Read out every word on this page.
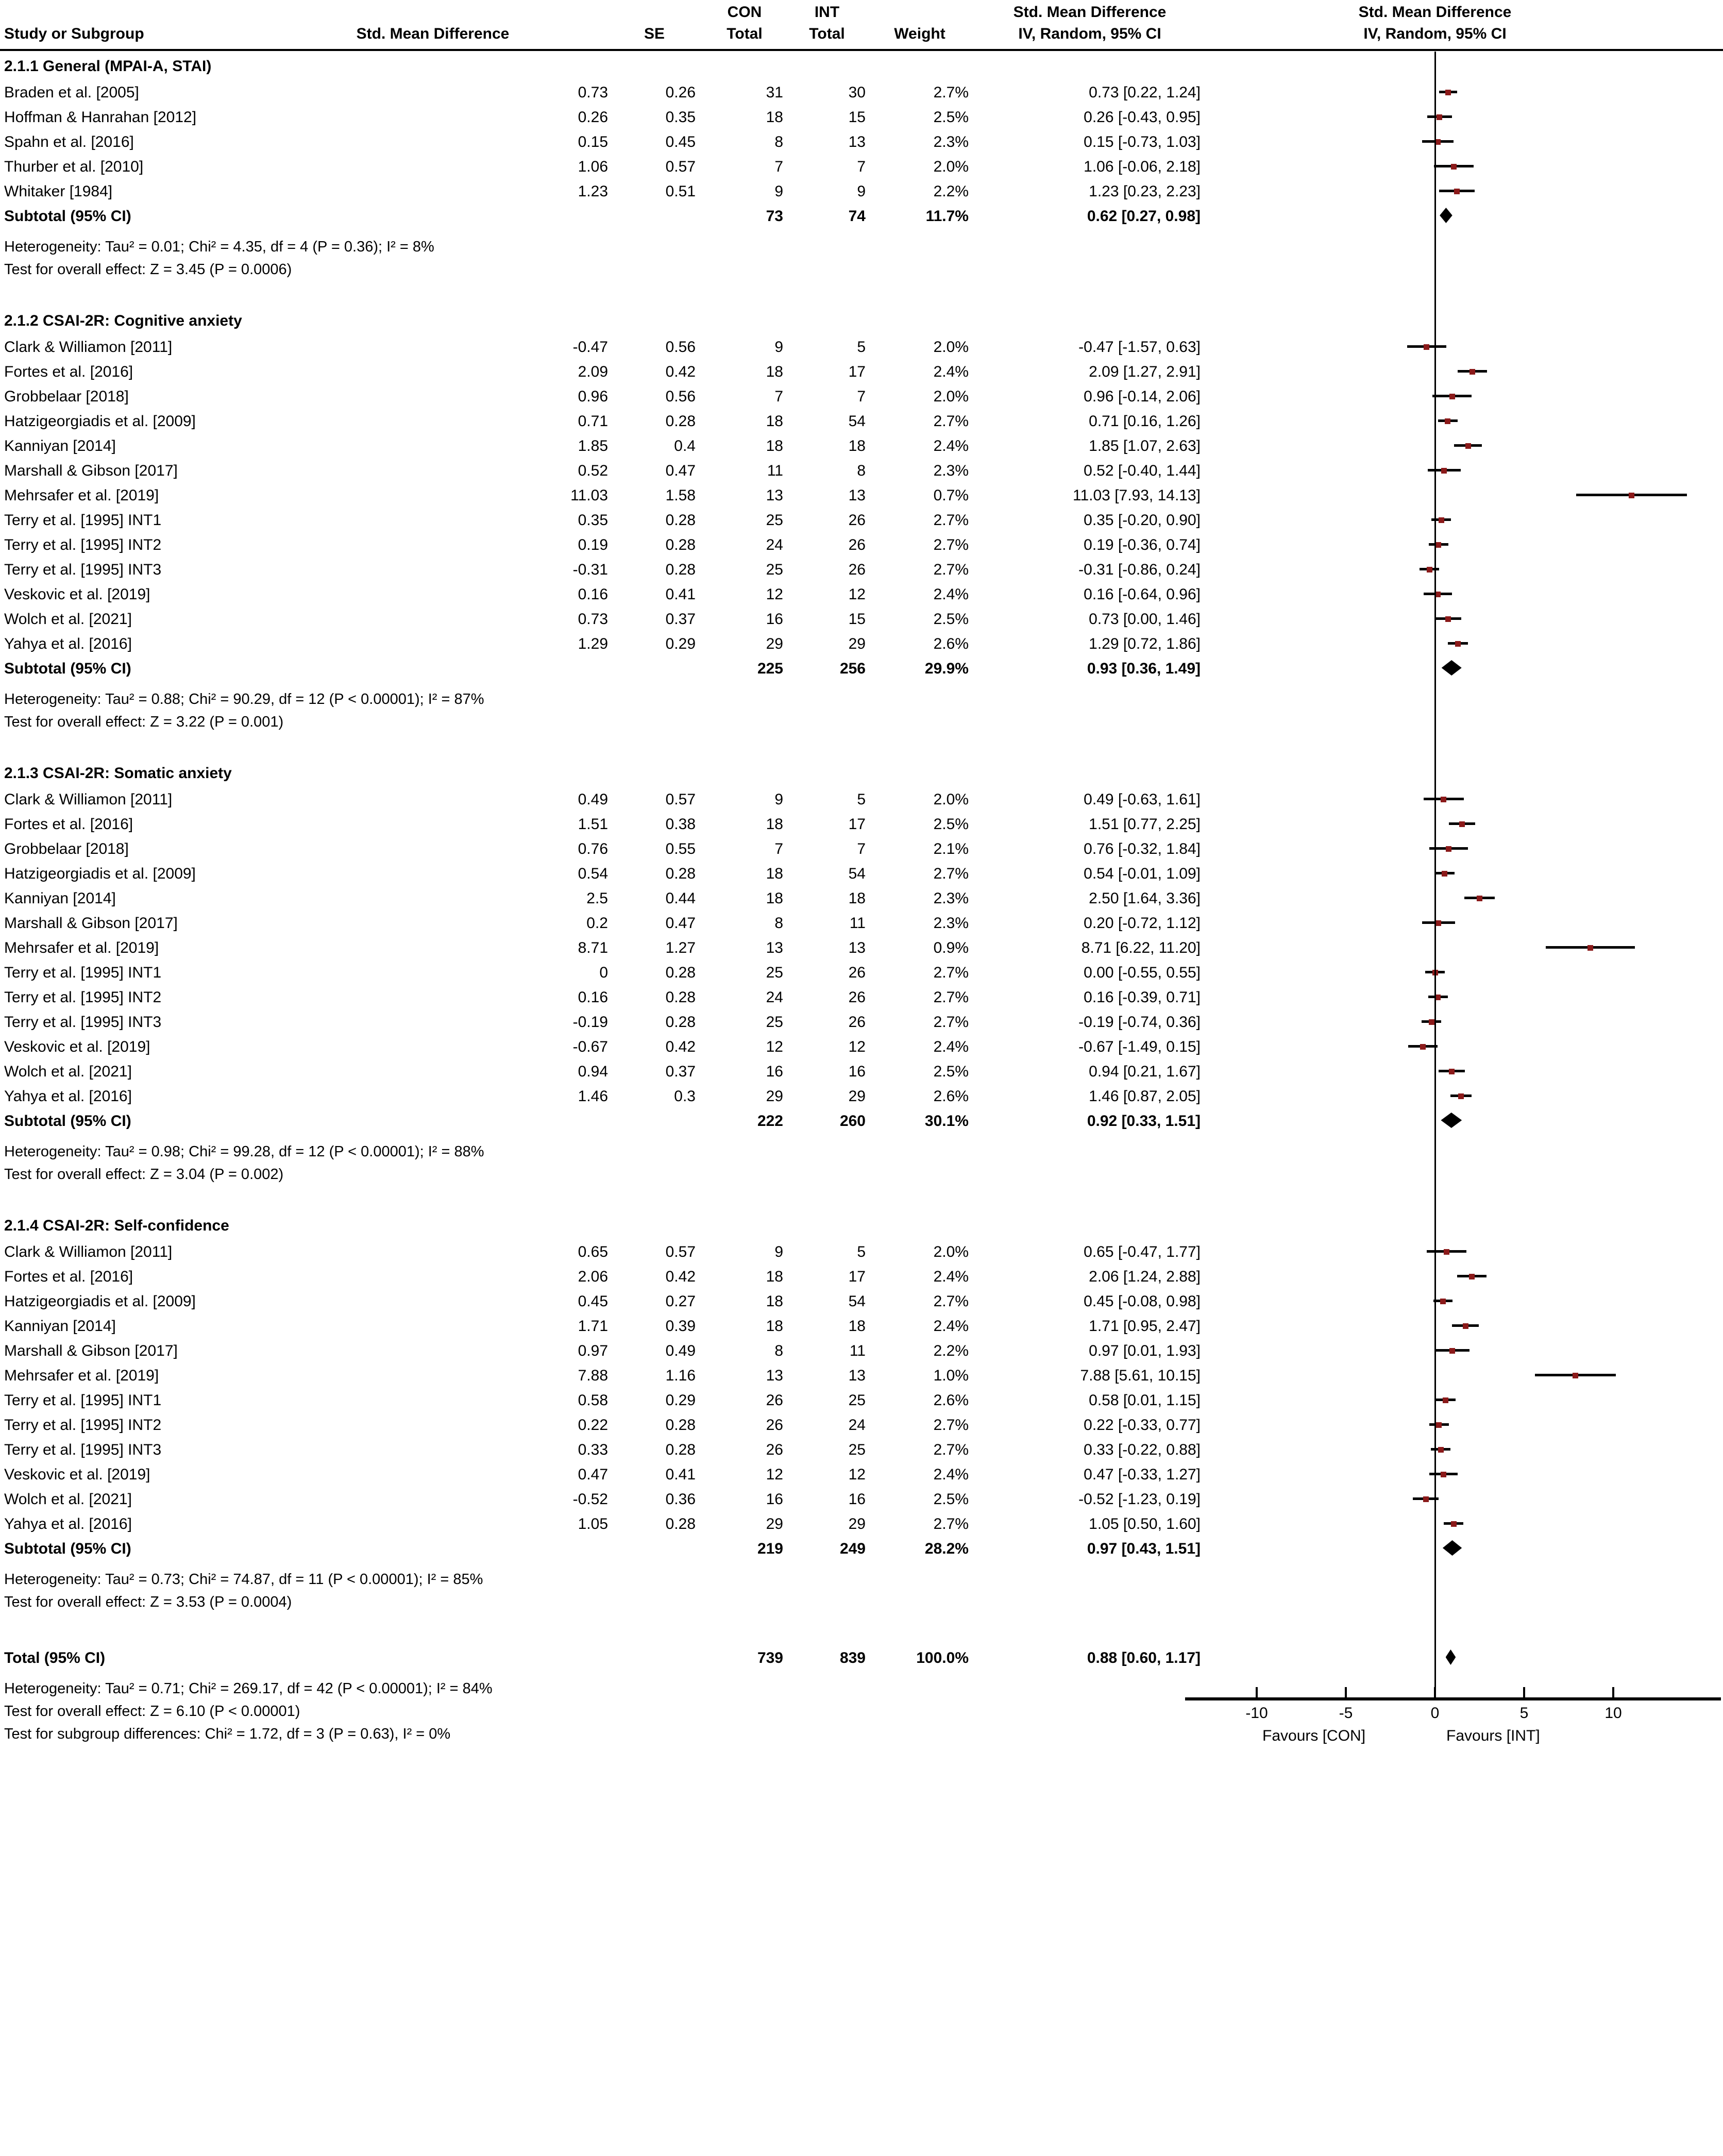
CON	INT	Std. Mean Difference	Std. Mean Difference
Study or Subgroup	Std. Mean Difference	SE	Total	Total	Weight	IV, Random, 95% CI	IV, Random, 95% CI
2.1.1 General (MPAI-A, STAI)
Braden et al. [2005]	0.73	0.26	31	30	2.7%	0.73 [0.22, 1.24]
Hoffman & Hanrahan [2012]	0.26	0.35	18	15	2.5%	0.26 [-0.43, 0.95]
Spahn et al. [2016]	0.15	0.45	8	13	2.3%	0.15 [-0.73, 1.03]
Thurber et al. [2010]	1.06	0.57	7	7	2.0%	1.06 [-0.06, 2.18]
Whitaker [1984]	1.23	0.51	9	9	2.2%	1.23 [0.23, 2.23]
Subtotal (95% CI)	73	74	11.7%	0.62 [0.27, 0.98]
Heterogeneity: Tau² = 0.01; Chi² = 4.35, df = 4 (P = 0.36); I² = 8%
Test for overall effect: Z = 3.45 (P = 0.0006)
2.1.2 CSAI-2R: Cognitive anxiety
Clark & Williamon [2011]	-0.47	0.56	9	5	2.0%	-0.47 [-1.57, 0.63]
Fortes et al. [2016]	2.09	0.42	18	17	2.4%	2.09 [1.27, 2.91]
Grobbelaar [2018]	0.96	0.56	7	7	2.0%	0.96 [-0.14, 2.06]
Hatzigeorgiadis et al. [2009]	0.71	0.28	18	54	2.7%	0.71 [0.16, 1.26]
Kanniyan [2014]	1.85	0.4	18	18	2.4%	1.85 [1.07, 2.63]
Marshall & Gibson [2017]	0.52	0.47	11	8	2.3%	0.52 [-0.40, 1.44]
Mehrsafer et al. [2019]	11.03	1.58	13	13	0.7%	11.03 [7.93, 14.13]
Terry et al. [1995] INT1	0.35	0.28	25	26	2.7%	0.35 [-0.20, 0.90]
Terry et al. [1995] INT2	0.19	0.28	24	26	2.7%	0.19 [-0.36, 0.74]
Terry et al. [1995] INT3	-0.31	0.28	25	26	2.7%	-0.31 [-0.86, 0.24]
Veskovic et al. [2019]	0.16	0.41	12	12	2.4%	0.16 [-0.64, 0.96]
Wolch et al. [2021]	0.73	0.37	16	15	2.5%	0.73 [0.00, 1.46]
Yahya et al. [2016]	1.29	0.29	29	29	2.6%	1.29 [0.72, 1.86]
Subtotal (95% CI)	225	256	29.9%	0.93 [0.36, 1.49]
Heterogeneity: Tau² = 0.88; Chi² = 90.29, df = 12 (P < 0.00001); I² = 87%
Test for overall effect: Z = 3.22 (P = 0.001)
2.1.3 CSAI-2R: Somatic anxiety
Clark & Williamon [2011]	0.49	0.57	9	5	2.0%	0.49 [-0.63, 1.61]
Fortes et al. [2016]	1.51	0.38	18	17	2.5%	1.51 [0.77, 2.25]
Grobbelaar [2018]	0.76	0.55	7	7	2.1%	0.76 [-0.32, 1.84]
Hatzigeorgiadis et al. [2009]	0.54	0.28	18	54	2.7%	0.54 [-0.01, 1.09]
Kanniyan [2014]	2.5	0.44	18	18	2.3%	2.50 [1.64, 3.36]
Marshall & Gibson [2017]	0.2	0.47	8	11	2.3%	0.20 [-0.72, 1.12]
Mehrsafer et al. [2019]	8.71	1.27	13	13	0.9%	8.71 [6.22, 11.20]
Terry et al. [1995] INT1	0	0.28	25	26	2.7%	0.00 [-0.55, 0.55]
Terry et al. [1995] INT2	0.16	0.28	24	26	2.7%	0.16 [-0.39, 0.71]
Terry et al. [1995] INT3	-0.19	0.28	25	26	2.7%	-0.19 [-0.74, 0.36]
Veskovic et al. [2019]	-0.67	0.42	12	12	2.4%	-0.67 [-1.49, 0.15]
Wolch et al. [2021]	0.94	0.37	16	16	2.5%	0.94 [0.21, 1.67]
Yahya et al. [2016]	1.46	0.3	29	29	2.6%	1.46 [0.87, 2.05]
Subtotal (95% CI)	222	260	30.1%	0.92 [0.33, 1.51]
Heterogeneity: Tau² = 0.98; Chi² = 99.28, df = 12 (P < 0.00001); I² = 88%
Test for overall effect: Z = 3.04 (P = 0.002)
2.1.4 CSAI-2R: Self-confidence
Clark & Williamon [2011]	0.65	0.57	9	5	2.0%	0.65 [-0.47, 1.77]
Fortes et al. [2016]	2.06	0.42	18	17	2.4%	2.06 [1.24, 2.88]
Hatzigeorgiadis et al. [2009]	0.45	0.27	18	54	2.7%	0.45 [-0.08, 0.98]
Kanniyan [2014]	1.71	0.39	18	18	2.4%	1.71 [0.95, 2.47]
Marshall & Gibson [2017]	0.97	0.49	8	11	2.2%	0.97 [0.01, 1.93]
Mehrsafer et al. [2019]	7.88	1.16	13	13	1.0%	7.88 [5.61, 10.15]
Terry et al. [1995] INT1	0.58	0.29	26	25	2.6%	0.58 [0.01, 1.15]
Terry et al. [1995] INT2	0.22	0.28	26	24	2.7%	0.22 [-0.33, 0.77]
Terry et al. [1995] INT3	0.33	0.28	26	25	2.7%	0.33 [-0.22, 0.88]
Veskovic et al. [2019]	0.47	0.41	12	12	2.4%	0.47 [-0.33, 1.27]
Wolch et al. [2021]	-0.52	0.36	16	16	2.5%	-0.52 [-1.23, 0.19]
Yahya et al. [2016]	1.05	0.28	29	29	2.7%	1.05 [0.50, 1.60]
Subtotal (95% CI)	219	249	28.2%	0.97 [0.43, 1.51]
Heterogeneity: Tau² = 0.73; Chi² = 74.87, df = 11 (P < 0.00001); I² = 85%
Test for overall effect: Z = 3.53 (P = 0.0004)
Total (95% CI)	739	839	100.0%	0.88 [0.60, 1.17]
Heterogeneity: Tau² = 0.71; Chi² = 269.17, df = 42 (P < 0.00001); I² = 84%
Test for overall effect: Z = 6.10 (P < 0.00001)
Test for subgroup differences: Chi² = 1.72, df = 3 (P = 0.63), I² = 0%
-10	-5	0	5	10
Favours [CON]	Favours [INT]
